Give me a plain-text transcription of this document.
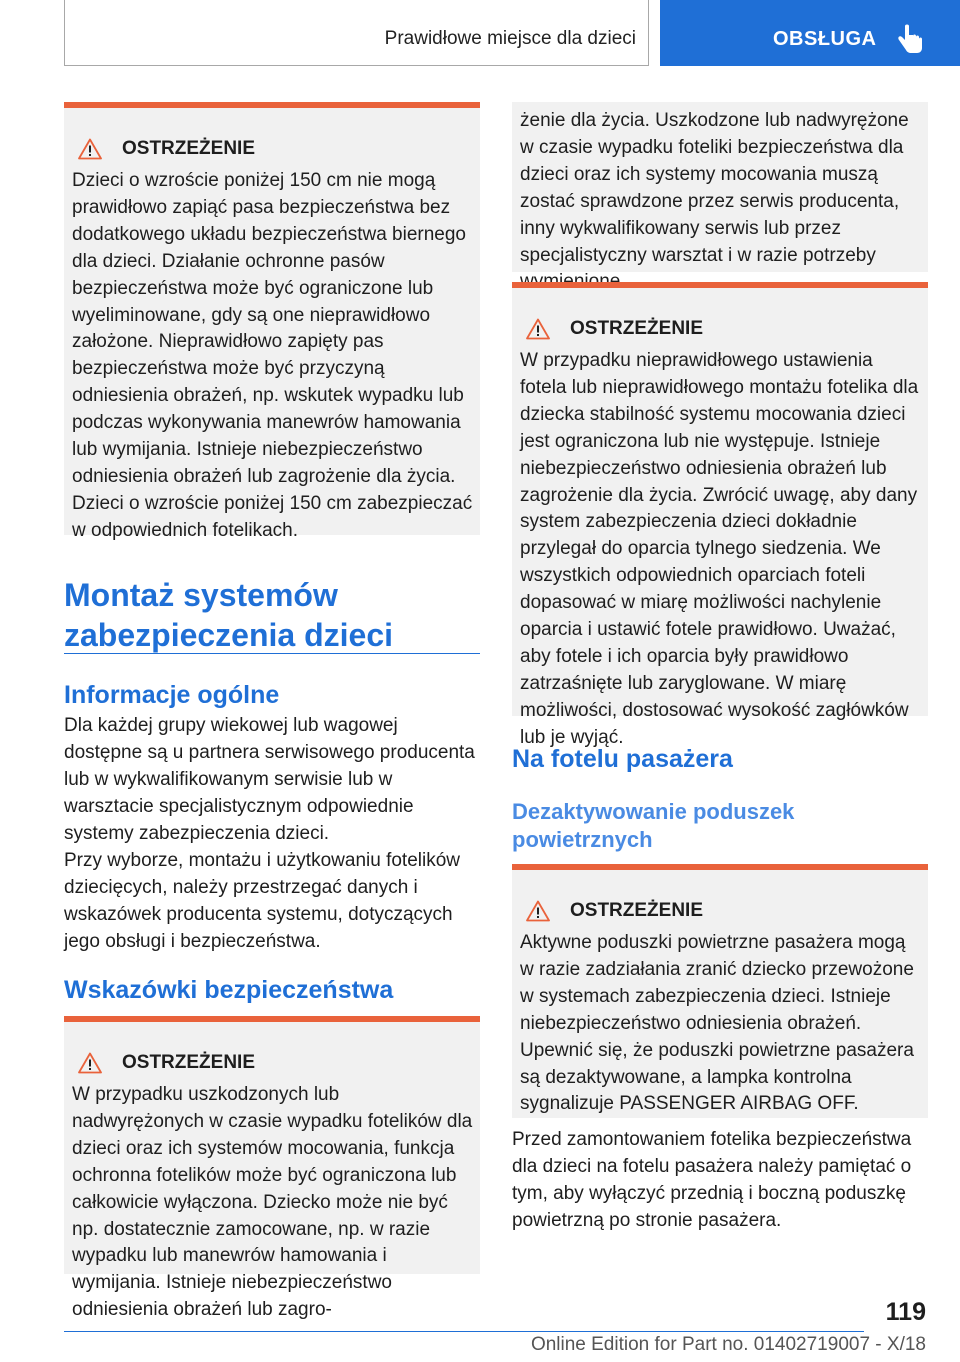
Prawidłowe miejsce dla dzieci	OBSŁUGA
OSTRZEŻENIE

Dzieci o wzroście poniżej 150 cm nie mogą prawidłowo zapiąć pasa bezpieczeństwa bez dodatkowego układu bezpieczeństwa biernego dla dzieci. Działanie ochronne pasów bezpieczeństwa może być ograniczone lub wyeliminowane, gdy są one nieprawidłowo założone. Nieprawidłowo zapięty pas bezpieczeństwa może być przyczyną odniesienia obrażeń, np. wskutek wypadku lub podczas wykonywania manewrów hamowania lub wymijania. Istnieje niebezpieczeństwo odniesienia obrażeń lub zagrożenie dla życia. Dzieci o wzroście poniżej 150 cm zabezpieczać w odpowiednich fotelikach.

Montaż systemów zabezpieczenia dzieci
Informacje ogólne

Dla każdej grupy wiekowej lub wagowej dostępne są u partnera serwisowego producenta lub w wykwalifikowanym serwisie lub w warsztacie specjalistycznym odpowiednie systemy zabezpieczenia dzieci.

Przy wyborze, montażu i użytkowaniu fotelików dziecięcych, należy przestrzegać danych i wskazówek producenta systemu, dotyczących jego obsługi i bezpieczeństwa.

Wskazówki bezpieczeństwa
OSTRZEŻENIE

W przypadku uszkodzonych lub nadwyrężonych w czasie wypadku fotelików dla dzieci oraz ich systemów mocowania, funkcja ochronna fotelików może być ograniczona lub całkowicie wyłączona. Dziecko może nie być np. dostatecznie zamocowane, np. w razie wypadku lub manewrów hamowania i wymijania. Istnieje niebezpieczeństwo odniesienia obrażeń lub zagro-

żenie dla życia. Uszkodzone lub nadwyrężone w czasie wypadku foteliki bezpieczeństwa dla dzieci oraz ich systemy mocowania muszą zostać sprawdzone przez serwis producenta, inny wykwalifikowany serwis lub przez specjalistyczny warsztat i w razie potrzeby

OSTRZEŻENIE

W przypadku nieprawidłowego ustawienia fotela lub nieprawidłowego montażu fotelika dla dziecka stabilność systemu mocowania dzieci jest ograniczona lub nie występuje. Istnieje niebezpieczeństwo odniesienia obrażeń lub zagrożenie dla życia. Zwrócić uwagę, aby dany system zabezpieczenia dzieci dokładnie przylegał do oparcia tylnego siedzenia. We wszystkich odpowiednich oparciach foteli dopasować w miarę możliwości nachylenie oparcia i ustawić fotele prawidłowo. Uważać, aby fotele i ich oparcia były prawidłowo zatrzaśnięte lub zaryglowane. W miarę możliwości, dostosować wysokość zagłówków lub je wyjąć.

Na fotelu pasażera
Dezaktywowanie poduszek powietrznych
OSTRZEŻENIE

Aktywne poduszki powietrzne pasażera mogą w razie zadziałania zranić dziecko przewożone w systemach zabezpieczenia dzieci. Istnieje niebezpieczeństwo odniesienia obrażeń. Upewnić się, że poduszki powietrzne pasażera są dezaktywowane, a lampka kontrolna sygnalizuje PASSENGER AIRBAG OFF.

Przed zamontowaniem fotelika bezpieczeństwa dla dzieci na fotelu pasażera należy pamiętać o tym, aby wyłączyć przednią i boczną poduszkę powietrzną po stronie pasażera.

119
Online Edition for Part no. 01402719007 - X/18
